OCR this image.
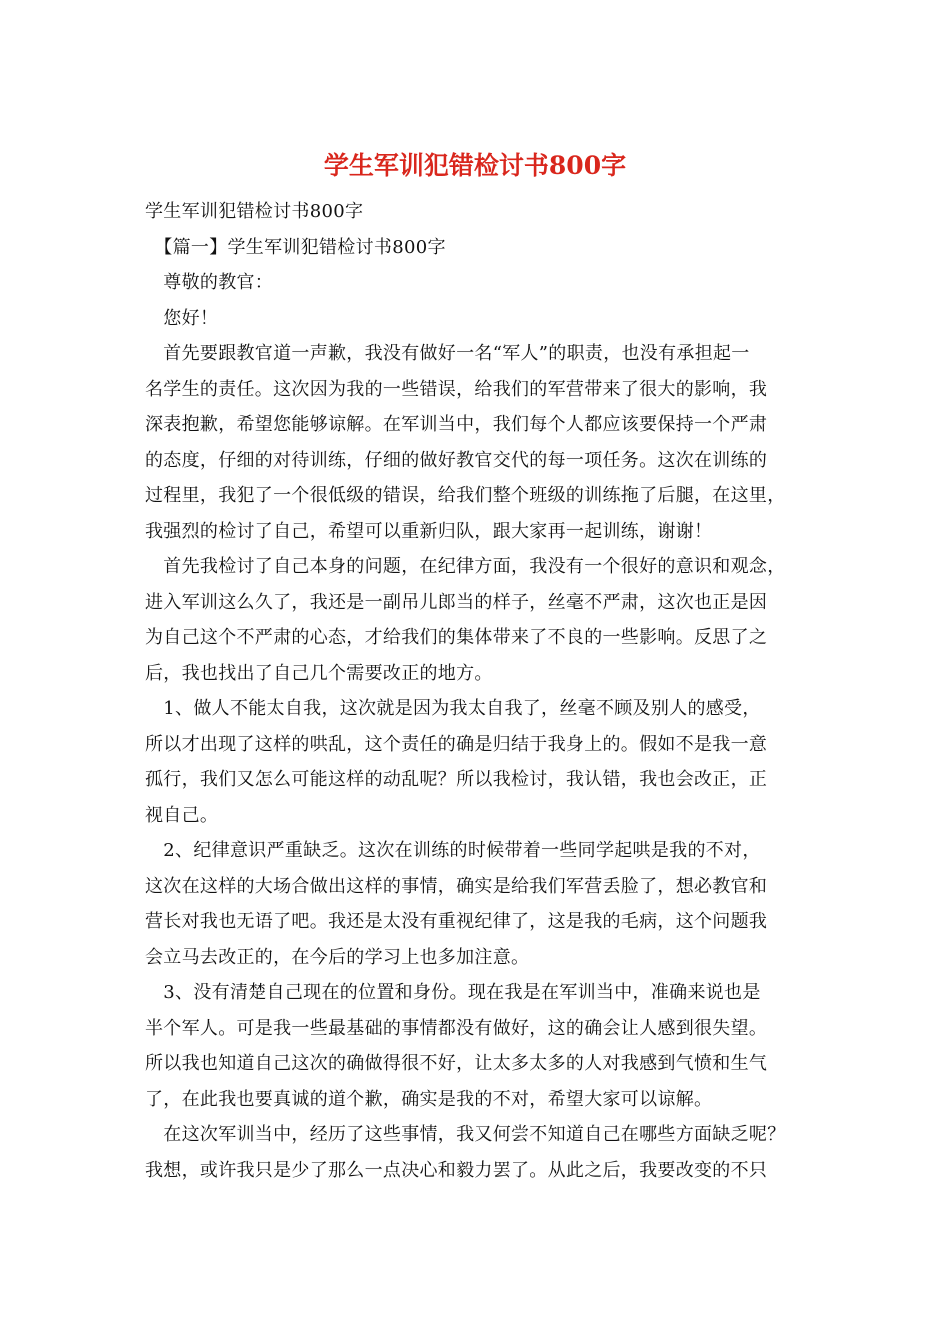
学生军训犯错检讨书800字
学生军训犯错检讨书800字
　【篇一】学生军训犯错检讨书800字
　尊敬的教官：
　您好！
　首先要跟教官道一声歉，我没有做好一名“军人”的职责，也没有承担起一
名学生的责任。这次因为我的一些错误，给我们的军营带来了很大的影响，我
深表抱歉，希望您能够谅解。在军训当中，我们每个人都应该要保持一个严肃
的态度，仔细的对待训练，仔细的做好教官交代的每一项任务。这次在训练的
过程里，我犯了一个很低级的错误，给我们整个班级的训练拖了后腿，在这里，
我强烈的检讨了自己，希望可以重新归队，跟大家再一起训练，谢谢！
　首先我检讨了自己本身的问题，在纪律方面，我没有一个很好的意识和观念，
进入军训这么久了，我还是一副吊儿郎当的样子，丝毫不严肃，这次也正是因
为自己这个不严肃的心态，才给我们的集体带来了不良的一些影响。反思了之
后，我也找出了自己几个需要改正的地方。
　1、做人不能太自我，这次就是因为我太自我了，丝毫不顾及别人的感受，
所以才出现了这样的哄乱，这个责任的确是归结于我身上的。假如不是我一意
孤行，我们又怎么可能这样的动乱呢？所以我检讨，我认错，我也会改正，正
视自己。
　2、纪律意识严重缺乏。这次在训练的时候带着一些同学起哄是我的不对，
这次在这样的大场合做出这样的事情，确实是给我们军营丢脸了，想必教官和
营长对我也无语了吧。我还是太没有重视纪律了，这是我的毛病，这个问题我
会立马去改正的，在今后的学习上也多加注意。
　3、没有清楚自己现在的位置和身份。现在我是在军训当中，准确来说也是
半个军人。可是我一些最基础的事情都没有做好，这的确会让人感到很失望。
所以我也知道自己这次的确做得很不好，让太多太多的人对我感到气愤和生气
了，在此我也要真诚的道个歉，确实是我的不对，希望大家可以谅解。
　在这次军训当中，经历了这些事情，我又何尝不知道自己在哪些方面缺乏呢？
我想，或许我只是少了那么一点决心和毅力罢了。从此之后，我要改变的不只
